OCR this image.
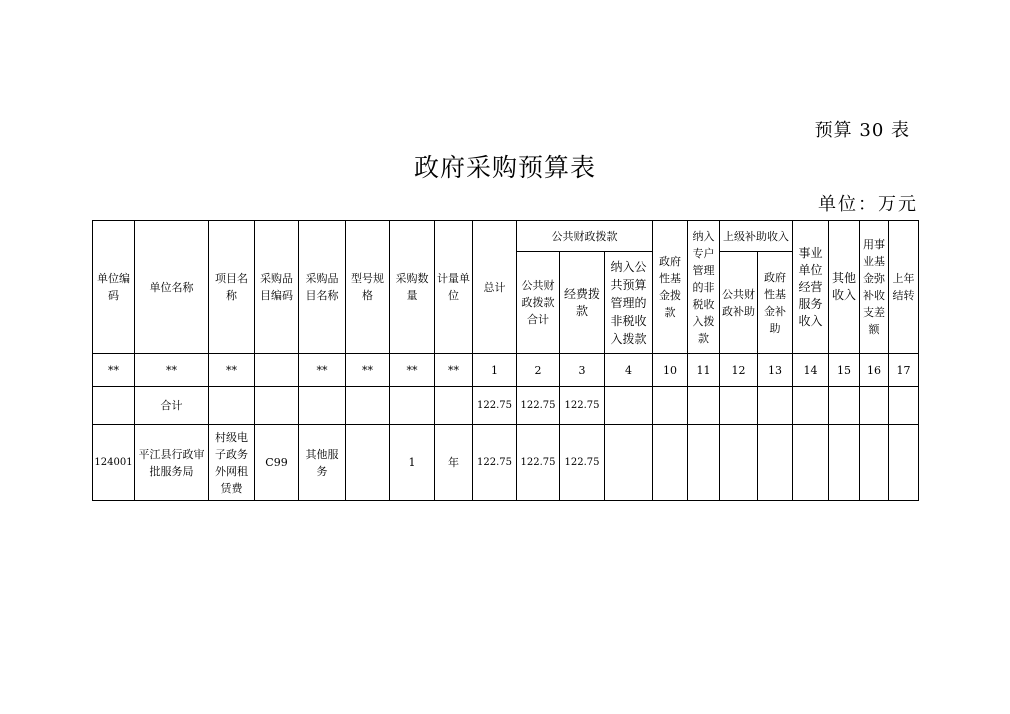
预算 30 表
政府采购预算表
单位：万元
单位编码	单位名称	项目名称	采购品目编码	采购品目名称	型号规格	采购数量	计量单位	总计	公共财政拨款			政府性基金拨款	纳入专户管理的非税收入拨款	上级补助收入		事业单位经营服务收入	其他收入	用事业基金弥补收支差额	上年结转
									公共财政拨款合计	经费拨款	纳入公共预算管理的非税收入拨款			公共财政补助	政府性基金补助				
**	**	**		**	**	**	**	1	2	3	4	10	11	12	13	14	15	16	17
	合计							122.75	122.75	122.75									
124001	平江县行政审批服务局	村级电子政务外网租赁费	C99	其他服务		1	年	122.75	122.75	122.75									
